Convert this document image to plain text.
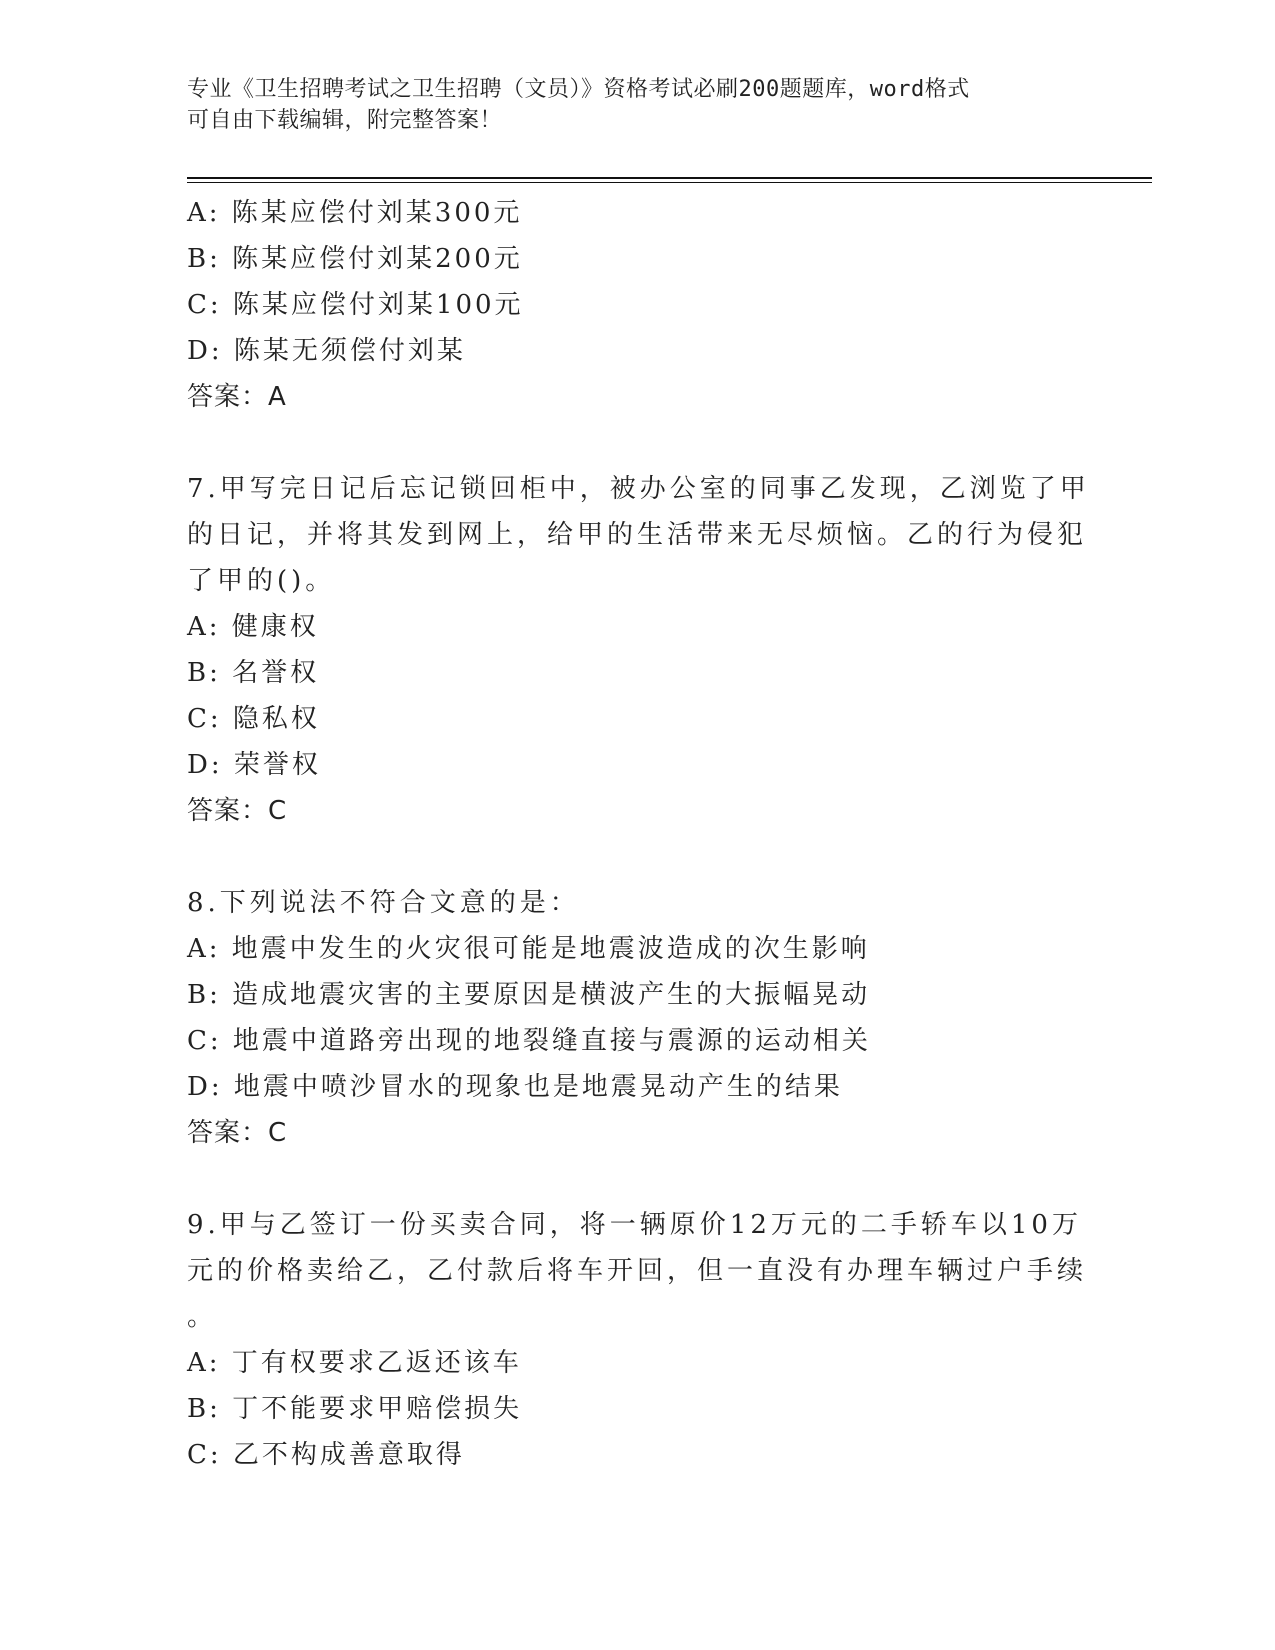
专业《卫生招聘考试之卫生招聘（文员）》资格考试必刷200题题库，word格式
可自由下载编辑，附完整答案！
A: 陈某应偿付刘某300元
B: 陈某应偿付刘某200元
C: 陈某应偿付刘某100元
D: 陈某无须偿付刘某
答案：A
7.甲写完日记后忘记锁回柜中，被办公室的同事乙发现，乙浏览了甲
的日记，并将其发到网上，给甲的生活带来无尽烦恼。乙的行为侵犯
了甲的()。
A: 健康权
B: 名誉权
C: 隐私权
D: 荣誉权
答案：C
8.下列说法不符合文意的是：
A: 地震中发生的火灾很可能是地震波造成的次生影响
B: 造成地震灾害的主要原因是横波产生的大振幅晃动
C: 地震中道路旁出现的地裂缝直接与震源的运动相关
D: 地震中喷沙冒水的现象也是地震晃动产生的结果
答案：C
9.甲与乙签订一份买卖合同，将一辆原价12万元的二手轿车以10万
元的价格卖给乙，乙付款后将车开回，但一直没有办理车辆过户手续
。
A: 丁有权要求乙返还该车
B: 丁不能要求甲赔偿损失
C: 乙不构成善意取得
